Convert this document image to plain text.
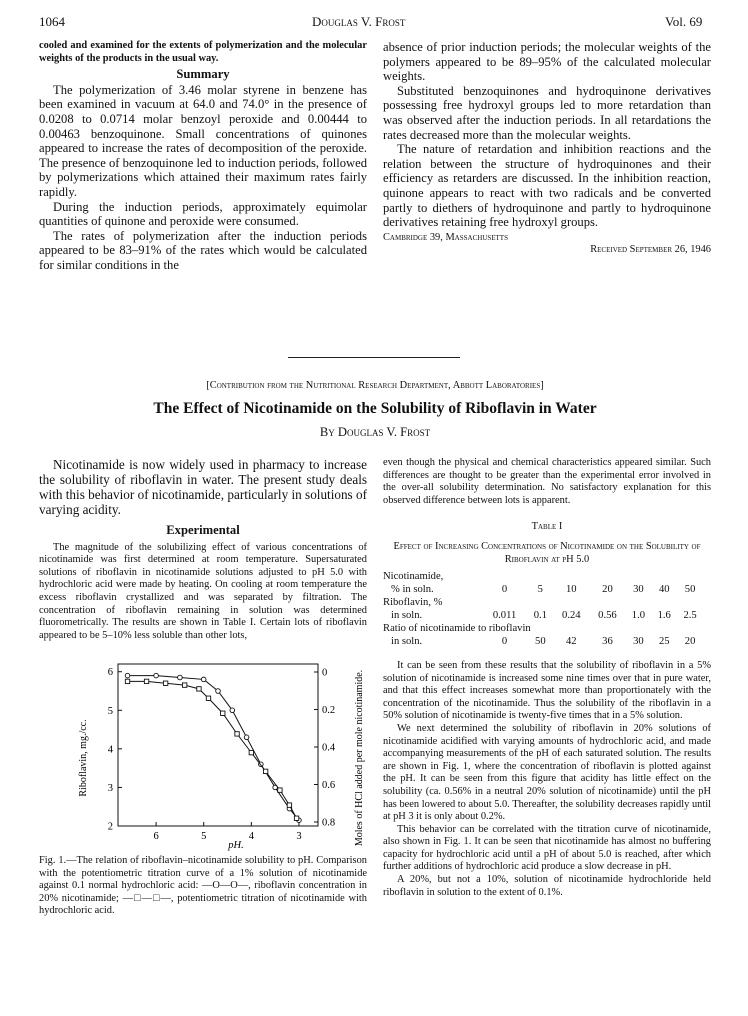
1064	Douglas V. Frost	Vol. 69

cooled and examined for the extents of polymerization and the molecular weights of the products in the usual way.

Summary

The polymerization of 3.46 molar styrene in benzene has been examined in vacuum at 64.0 and 74.0° in the presence of 0.0208 to 0.0714 molar benzoyl peroxide and 0.00444 to 0.00463 benzoquinone. Small concentrations of quinones appeared to increase the rates of decomposition of the peroxide. The presence of benzoquinone led to induction periods, followed by polymerizations which attained their maximum rates fairly rapidly.

During the induction periods, approximately equimolar quantities of quinone and peroxide were consumed.

The rates of polymerization after the induction periods appeared to be 83–91% of the rates which would be calculated for similar conditions in the

absence of prior induction periods; the molecular weights of the polymers appeared to be 89–95% of the calculated molecular weights.

Substituted benzoquinones and hydroquinone derivatives possessing free hydroxyl groups led to more retardation than was observed after the induction periods. In all retardations the rates decreased more than the molecular weights.

The nature of retardation and inhibition reactions and the relation between the structure of hydroquinones and their efficiency as retarders are discussed. In the inhibition reaction, quinone appears to react with two radicals and be converted partly to diethers of hydroquinone and partly to hydroquinone derivatives retaining free hydroxyl groups.

Cambridge 39, Massachusetts
Received September 26, 1946
[Contribution from the Nutritional Research Department, Abbott Laboratories]
The Effect of Nicotinamide on the Solubility of Riboflavin in Water
By Douglas V. Frost

Nicotinamide is now widely used in pharmacy to increase the solubility of riboflavin in water. The present study deals with this behavior of nicotinamide, particularly in solutions of varying acidity.

Experimental

The magnitude of the solubilizing effect of various concentrations of nicotinamide was first determined at room temperature. Supersaturated solutions of riboflavin in nicotinamide solutions adjusted to pH 5.0 with hydrochloric acid were made by heating. On cooling at room temperature the excess riboflavin crystallized and was separated by filtration. The concentration of riboflavin remaining in solution was determined fluorometrically. The results are shown in Table I. Certain lots of riboflavin appeared to be 5–10% less soluble than other lots,

6	5	4	3
2
3
4
5
6	0
0.2
0.4
0.6
0.8
Riboflavin, mg./cc.	Moles of HCl added per mole nicotinamide.
pH.
Fig. 1.—The relation of riboflavin–nicotinamide solubility to pH. Comparison with the potentiometric titration curve of a 1% solution of nicotinamide against 0.1 normal hydrochloric acid: —O—O—, riboflavin concentration in 20% nicotinamide; —□—□—, potentiometric titration of nicotinamide with hydrochloric acid.

even though the physical and chemical characteristics appeared similar. Such differences are thought to be greater than the experimental error involved in the over-all solubility determination. No satisfactory explanation for this observed difference between lots is apparent.

Table I
Effect of Increasing Concentrations of Nicotinamide on the Solubility of Riboflavin at pH 5.0
Nicotinamide,							
% in soln.	0	5	10	20	30	40	50
Riboflavin, %							
in soln.	0.011	0.1	0.24	0.56	1.0	1.6	2.5
Ratio of nicotinamide to riboflavin							
in soln.	0	50	42	36	30	25	20

It can be seen from these results that the solubility of riboflavin in a 5% solution of nicotinamide is increased some nine times over that in pure water, and that this effect increases somewhat more than proportionately with the concentration of the nicotinamide. Thus the solubility of the riboflavin in a 50% solution of nicotinamide is twenty-five times that in a 5% solution.

We next determined the solubility of riboflavin in 20% solutions of nicotinamide acidified with varying amounts of hydrochloric acid, and made accompanying measurements of the pH of each saturated solution. The results are shown in Fig. 1, where the concentration of riboflavin is plotted against the pH. It can be seen from this figure that acidity has little effect on the solubility (ca. 0.56% in a neutral 20% solution of nicotinamide) until the pH has been lowered to about 5.0. Thereafter, the solubility decreases rapidly until at pH 3 it is only about 0.2%.

This behavior can be correlated with the titration curve of nicotinamide, also shown in Fig. 1. It can be seen that nicotinamide has almost no buffering capacity for hydrochloric acid until a pH of about 5.0 is reached, after which further additions of hydrochloric acid produce a slow decrease in pH.

A 20%, but not a 10%, solution of nicotinamide hydrochloride held riboflavin in solution to the extent of 0.1%.
